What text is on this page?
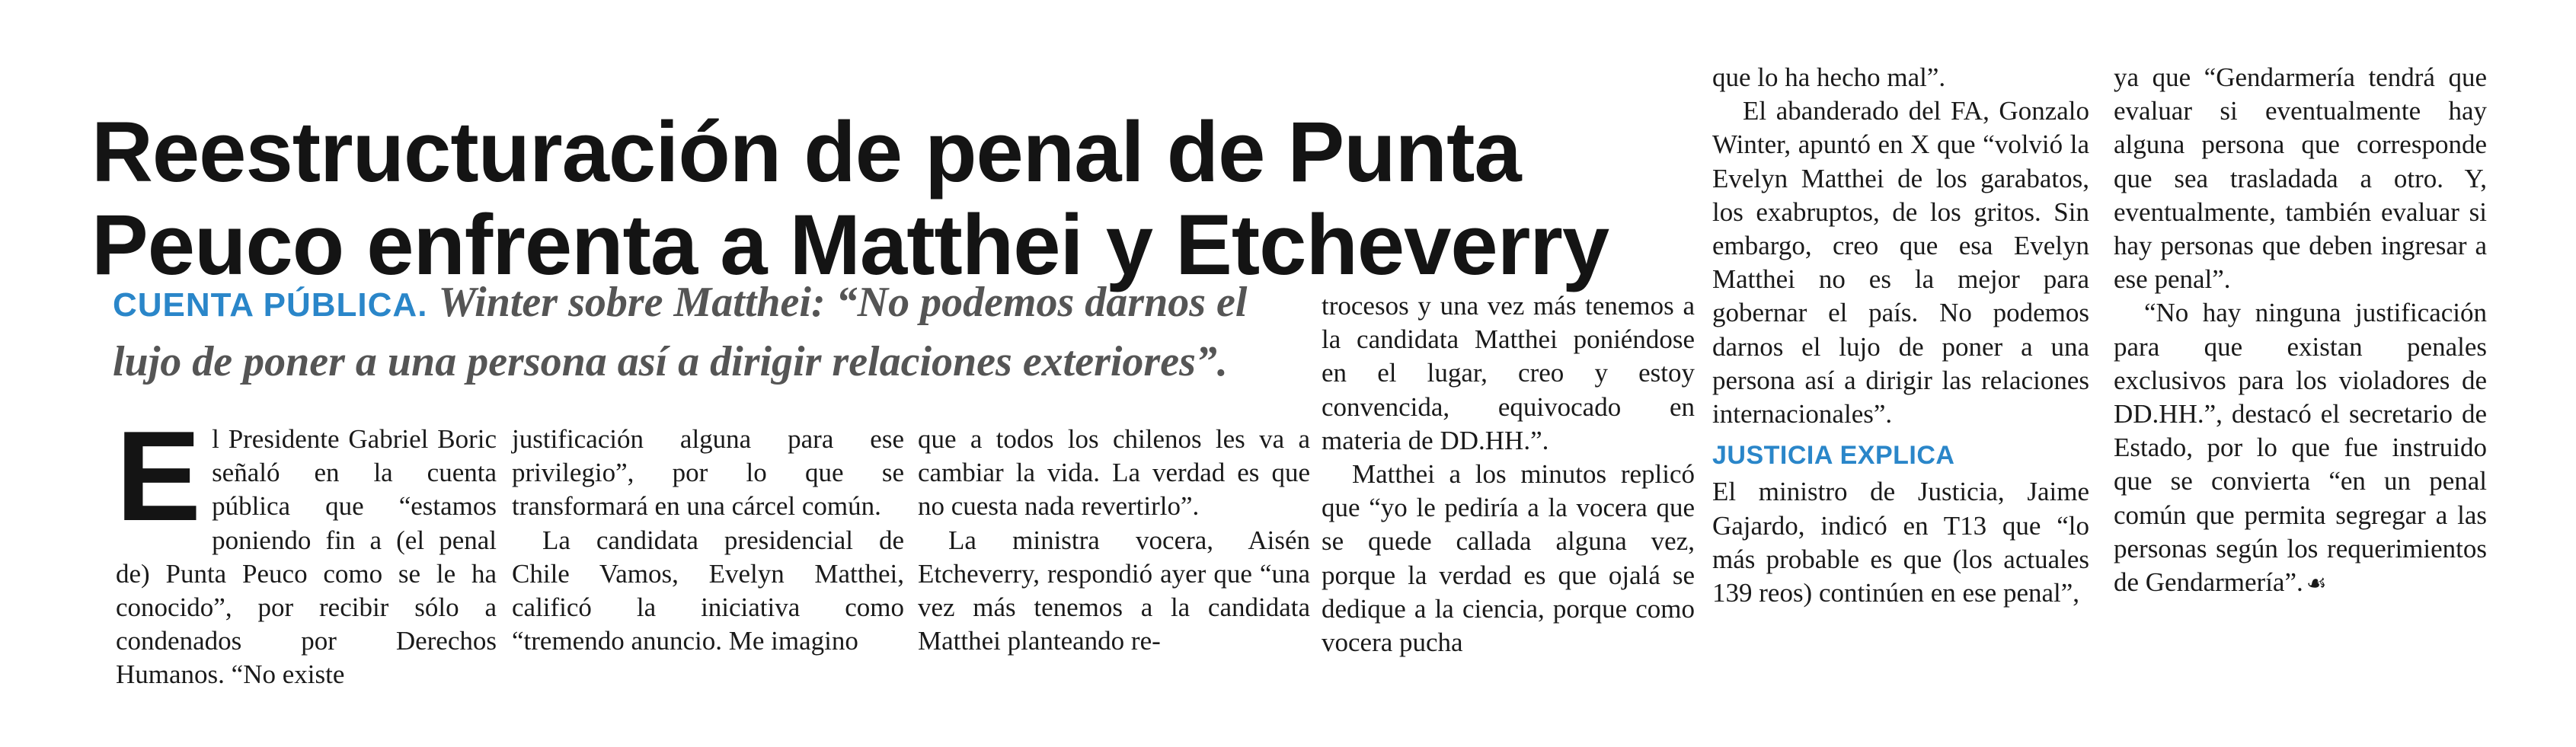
Reestructuración de penal de Punta Peuco enfrenta a Matthei y Etcheverry
CUENTA PÚBLICA. Winter sobre Matthei: “No podemos darnos el lujo de poner a una persona así a dirigir relaciones exteriores”.
E l Presidente Gabriel Boric señaló en la cuenta pública que “estamos poniendo fin a (el penal de) Punta Peuco como se le ha conocido”, por recibir sólo a condenados por Derechos Humanos. “No existe

justificación alguna para ese privilegio”, por lo que se transformará en una cárcel común.

La candidata presidencial de Chile Vamos, Evelyn Matthei, calificó la iniciativa como “tremendo anuncio. Me imagino

que a todos los chilenos les va a cambiar la vida. La verdad es que no cuesta nada revertirlo”.

La ministra vocera, Aisén Etcheverry, respondió ayer que “una vez más tenemos a la candidata Matthei planteando re-

trocesos y una vez más tenemos a la candidata Matthei poniéndose en el lugar, creo y estoy convencida, equivocado en materia de DD.HH.”.

Matthei a los minutos replicó que “yo le pediría a la vocera que se quede callada alguna vez, porque la verdad es que ojalá se dedique a la ciencia, porque como vocera pucha

que lo ha hecho mal”.

El abanderado del FA, Gonzalo Winter, apuntó en X que “volvió la Evelyn Matthei de los garabatos, los exabruptos, de los gritos. Sin embargo, creo que esa Evelyn Matthei no es la mejor para gobernar el país. No podemos darnos el lujo de poner a una persona así a dirigir las relaciones internacionales”.

JUSTICIA EXPLICA

El ministro de Justicia, Jaime Gajardo, indicó en T13 que “lo más probable es que (los actuales 139 reos) continúen en ese penal”,

ya que “Gendarmería tendrá que evaluar si eventualmente hay alguna persona que corresponde que sea trasladada a otro. Y, eventualmente, también evaluar si hay personas que deben ingresar a ese penal”.

“No hay ninguna justificación para que existan penales exclusivos para los violadores de DD.HH.”, destacó el secretario de Estado, por lo que fue instruido que se convierta “en un penal común que permita segregar a las personas según los requerimientos de Gendarmería”. ☙
